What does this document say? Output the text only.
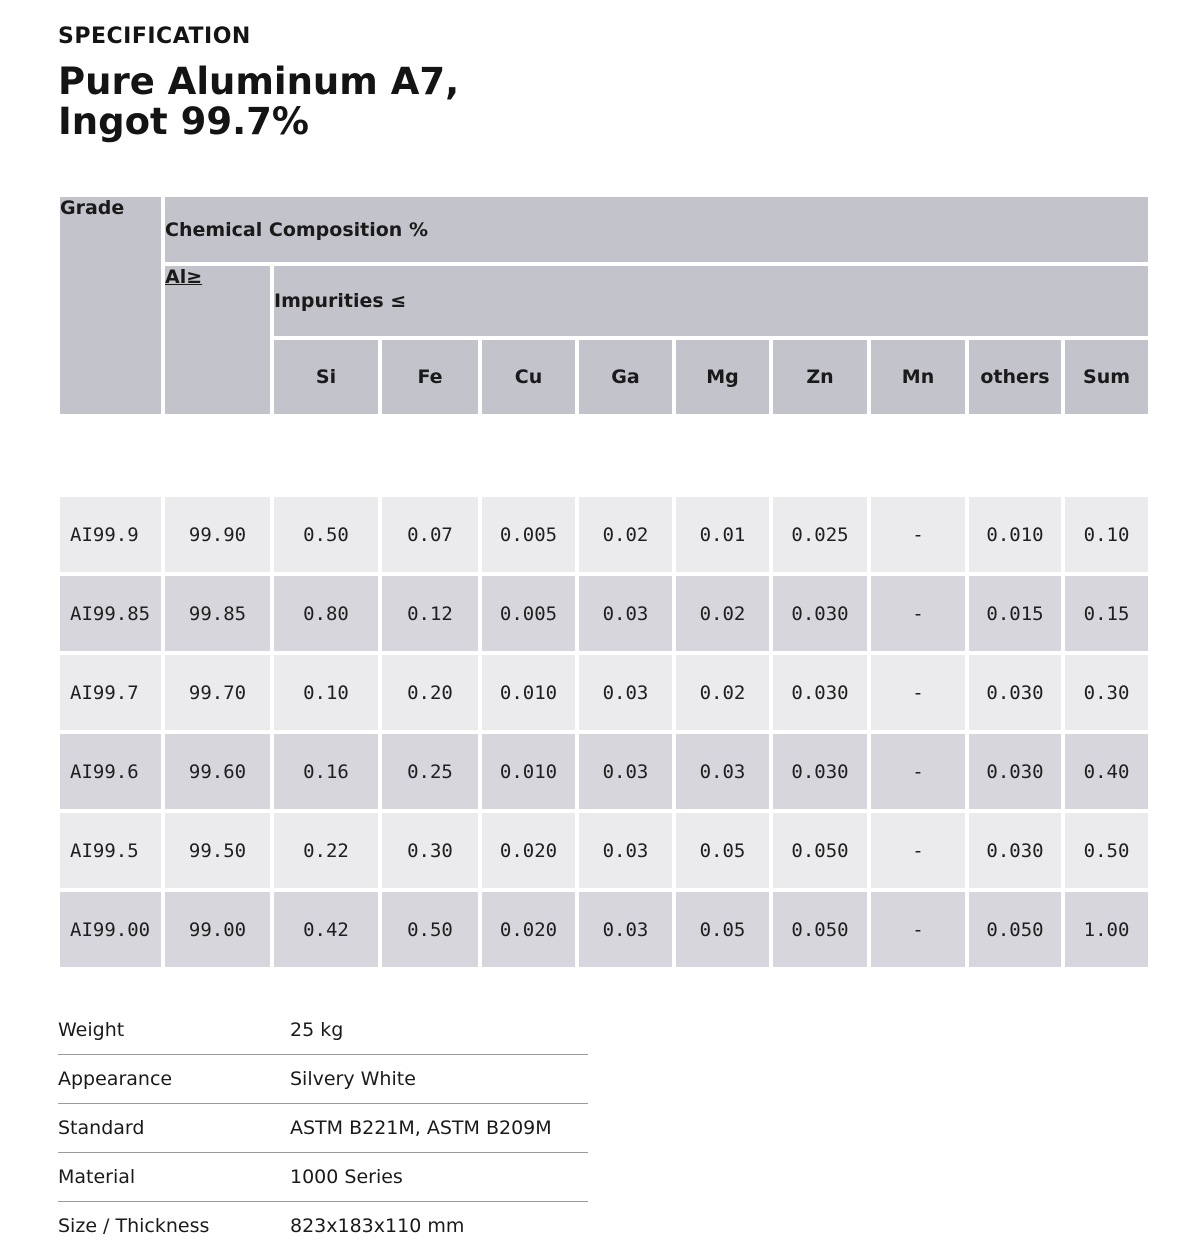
SPECIFICATION
Pure Aluminum A7,
Ingot 99.7%
Grade	Chemical Composition %									
	Al≥	Impurities ≤								
		Si	Fe	Cu	Ga	Mg	Zn	Mn	others	Sum

AI99.9	99.90	0.50	0.07	0.005	0.02	0.01	0.025	-	0.010	0.10
AI99.85	99.85	0.80	0.12	0.005	0.03	0.02	0.030	-	0.015	0.15
AI99.7	99.70	0.10	0.20	0.010	0.03	0.02	0.030	-	0.030	0.30
AI99.6	99.60	0.16	0.25	0.010	0.03	0.03	0.030	-	0.030	0.40
AI99.5	99.50	0.22	0.30	0.020	0.03	0.05	0.050	-	0.030	0.50
AI99.00	99.00	0.42	0.50	0.020	0.03	0.05	0.050	-	0.050	1.00
Weight	25 kg
Appearance	Silvery White
Standard	ASTM B221M, ASTM B209M
Material	1000 Series
Size / Thickness	823x183x110 mm
